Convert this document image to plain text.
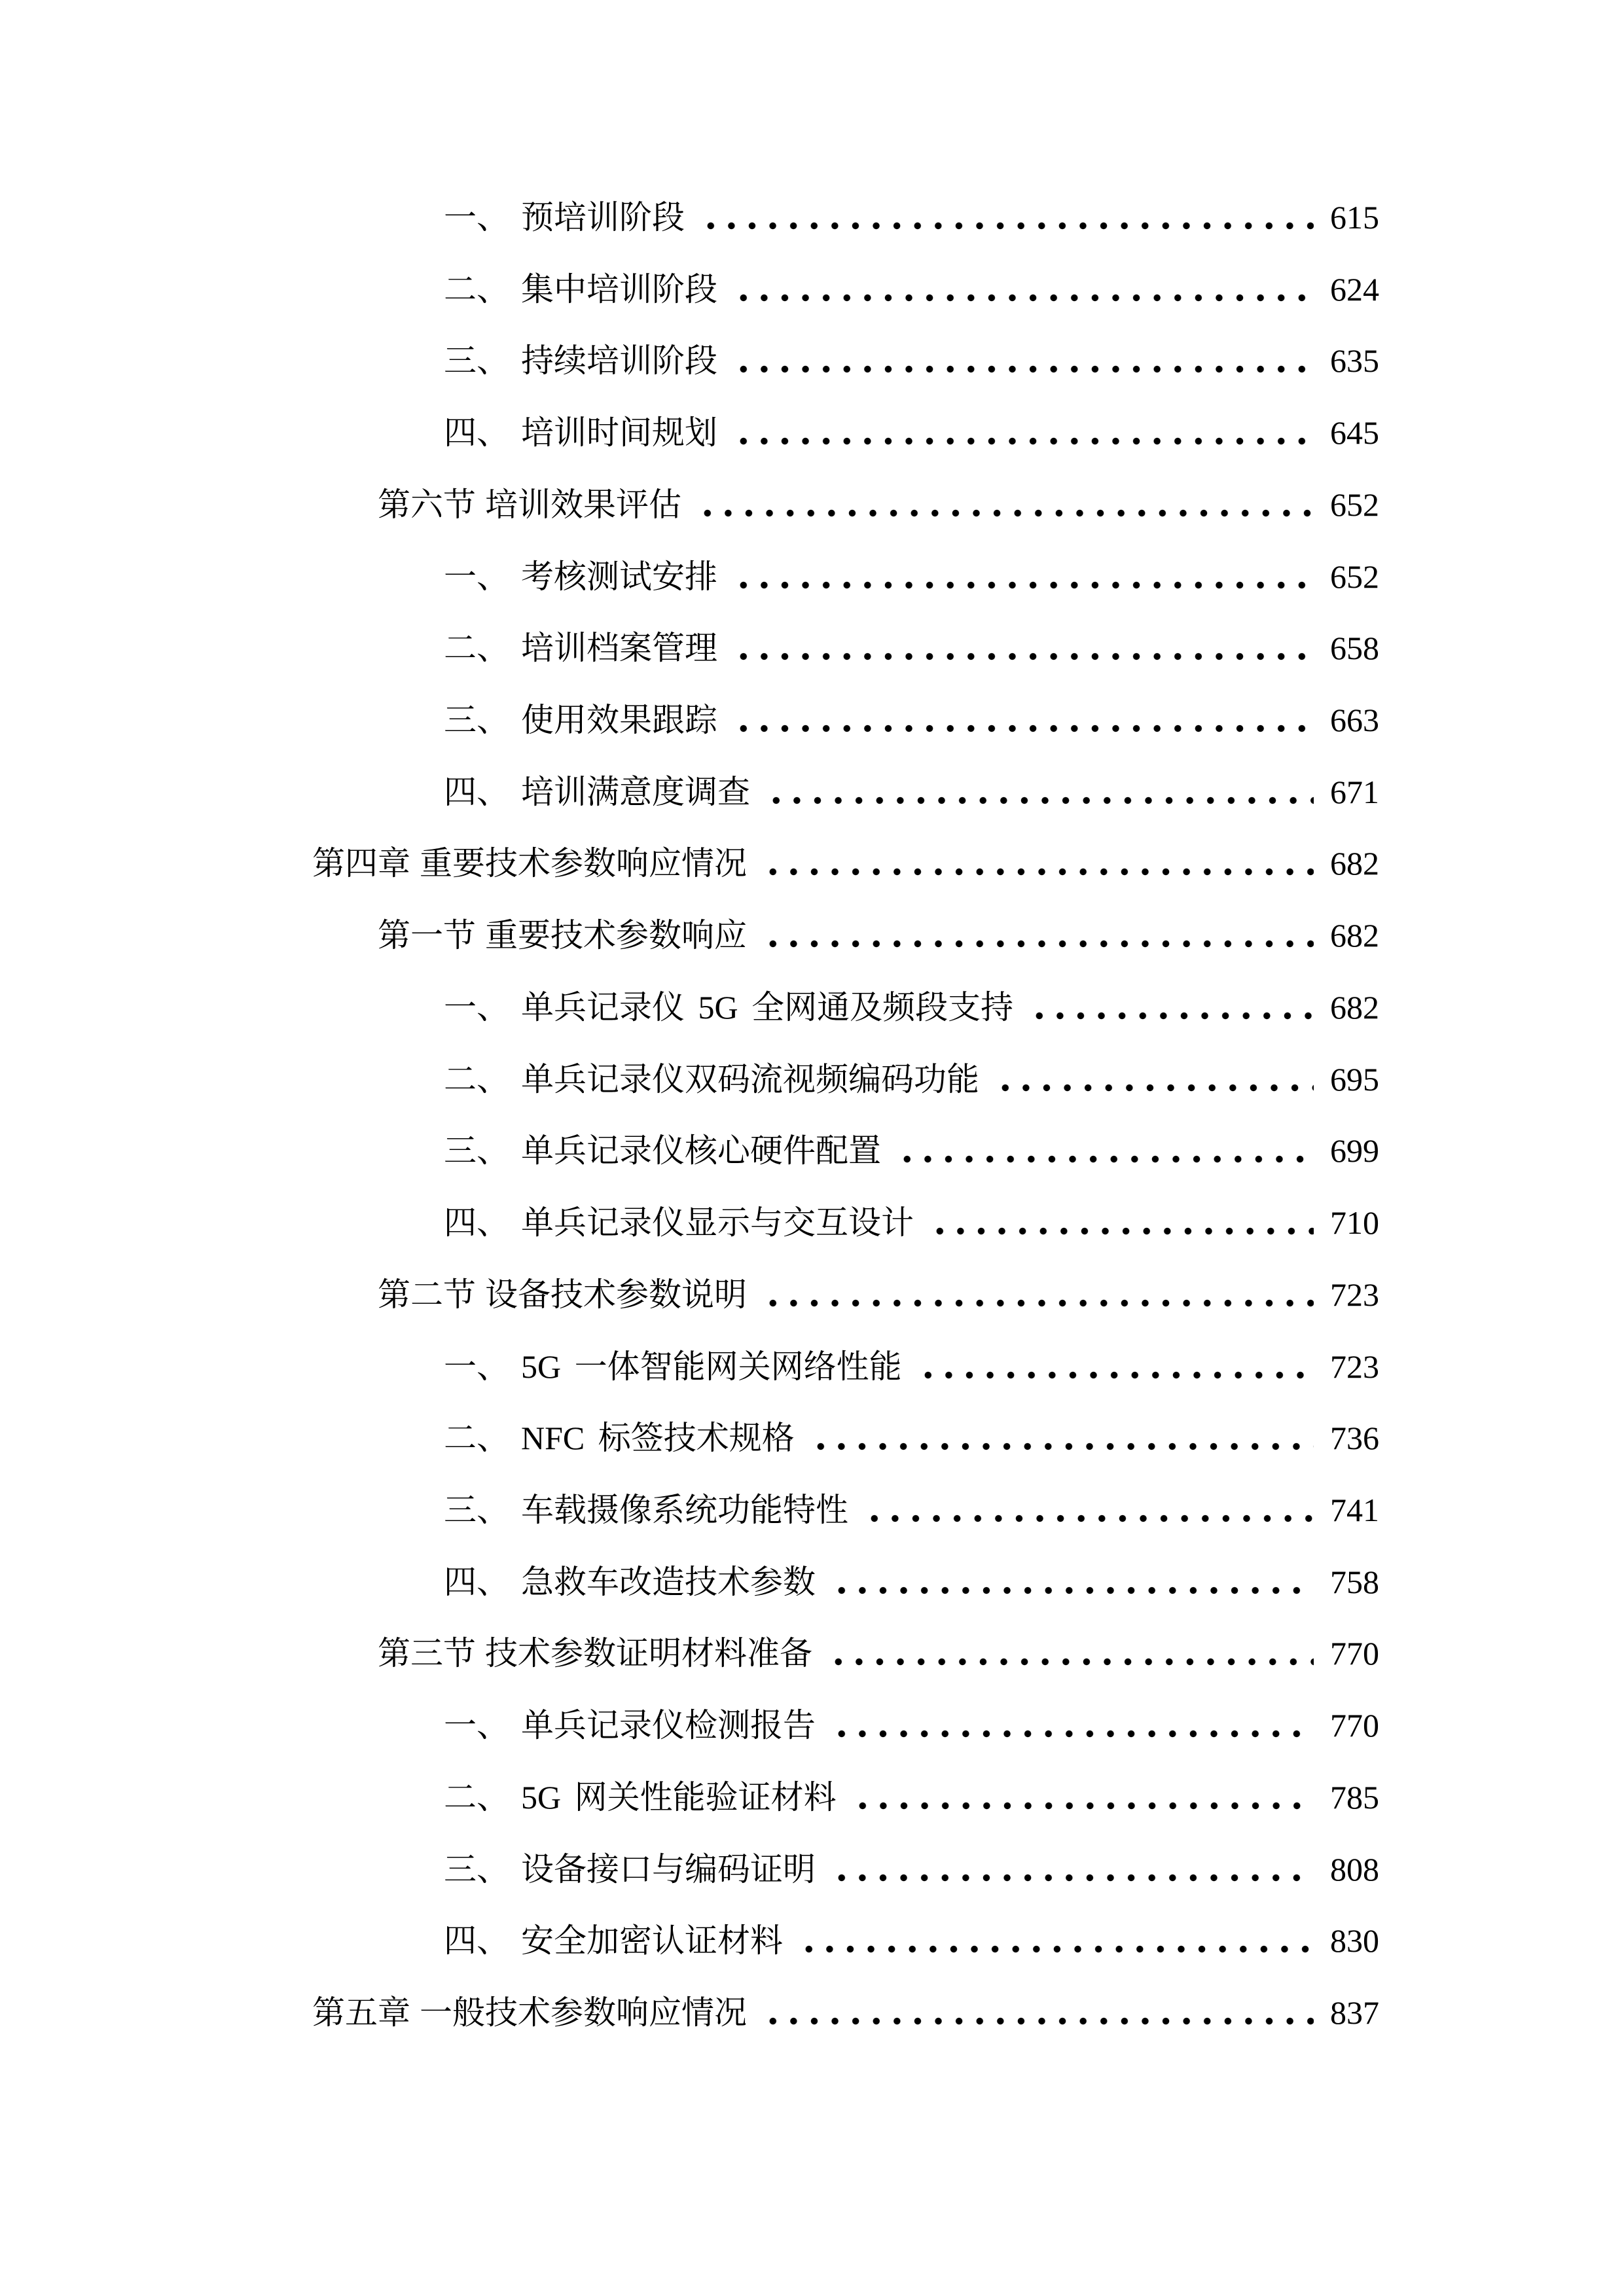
一、 预培训阶段	615
二、 集中培训阶段	624
三、 持续培训阶段	635
四、 培训时间规划	645
第六节 培训效果评估	652
一、 考核测试安排	652
二、 培训档案管理	658
三、 使用效果跟踪	663
四、 培训满意度调查	671
第四章 重要技术参数响应情况	682
第一节 重要技术参数响应	682
一、 单兵记录仪 5G 全网通及频段支持	682
二、 单兵记录仪双码流视频编码功能	695
三、 单兵记录仪核心硬件配置	699
四、 单兵记录仪显示与交互设计	710
第二节 设备技术参数说明	723
一、 5G 一体智能网关网络性能	723
二、 NFC 标签技术规格	736
三、 车载摄像系统功能特性	741
四、 急救车改造技术参数	758
第三节 技术参数证明材料准备	770
一、 单兵记录仪检测报告	770
二、 5G 网关性能验证材料	785
三、 设备接口与编码证明	808
四、 安全加密认证材料	830
第五章 一般技术参数响应情况	837
